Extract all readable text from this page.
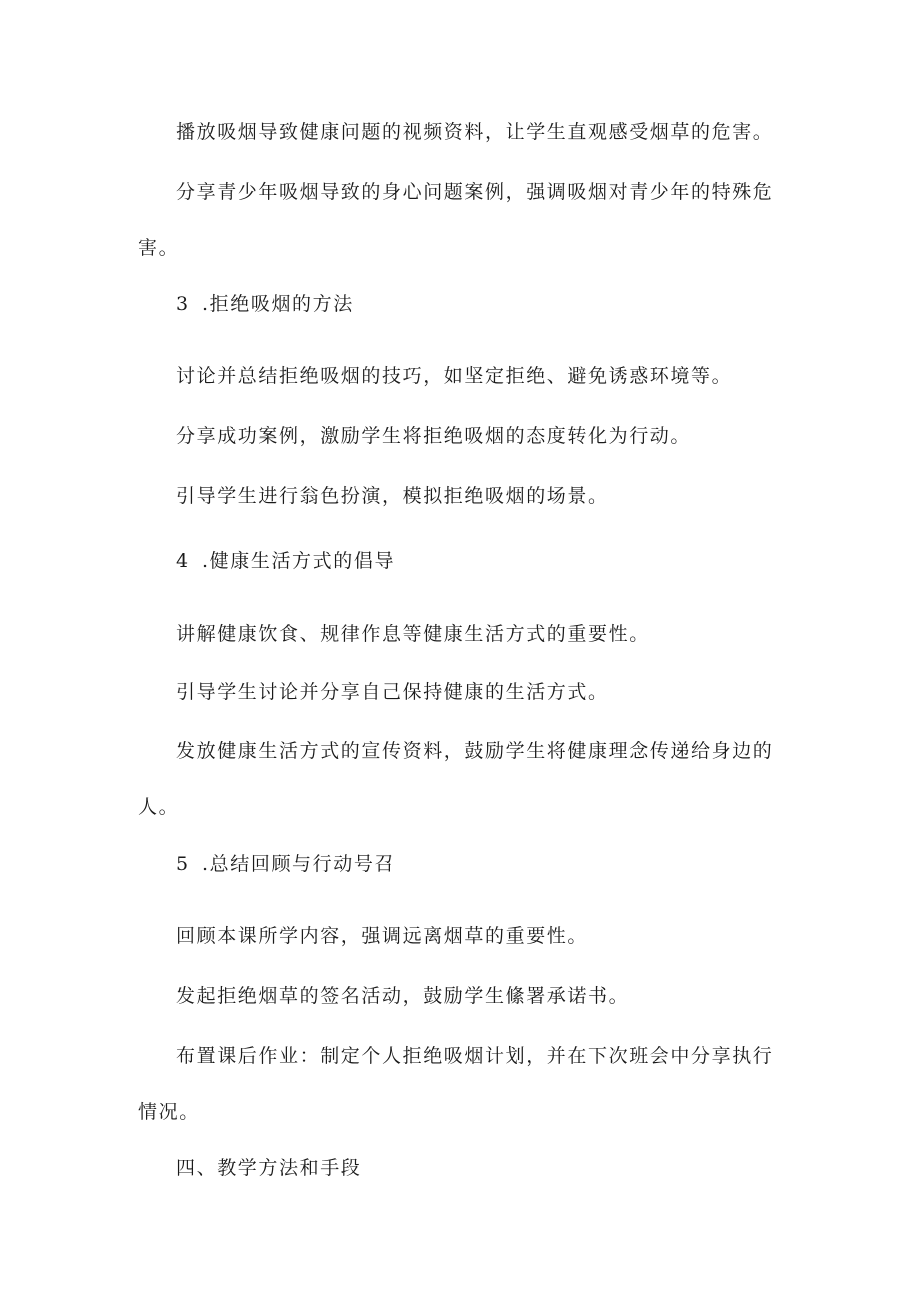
播放吸烟导致健康问题的视频资料，让学生直观感受烟草的危害。

分享青少年吸烟导致的身心问题案例，强调吸烟对青少年的特殊危害。

3 .拒绝吸烟的方法

讨论并总结拒绝吸烟的技巧，如坚定拒绝、避免诱惑环境等。

分享成功案例，激励学生将拒绝吸烟的态度转化为行动。

引导学生进行翁色扮演，模拟拒绝吸烟的场景。

4 .健康生活方式的倡导

讲解健康饮食、规律作息等健康生活方式的重要性。

引导学生讨论并分享自己保持健康的生活方式。

发放健康生活方式的宣传资料，鼓励学生将健康理念传递给身边的人。

5 .总结回顾与行动号召

回顾本课所学内容，强调远离烟草的重要性。

发起拒绝烟草的签名活动，鼓励学生絛署承诺书。

布置课后作业：制定个人拒绝吸烟计划，并在下次班会中分享执行情况。

四、教学方法和手段
